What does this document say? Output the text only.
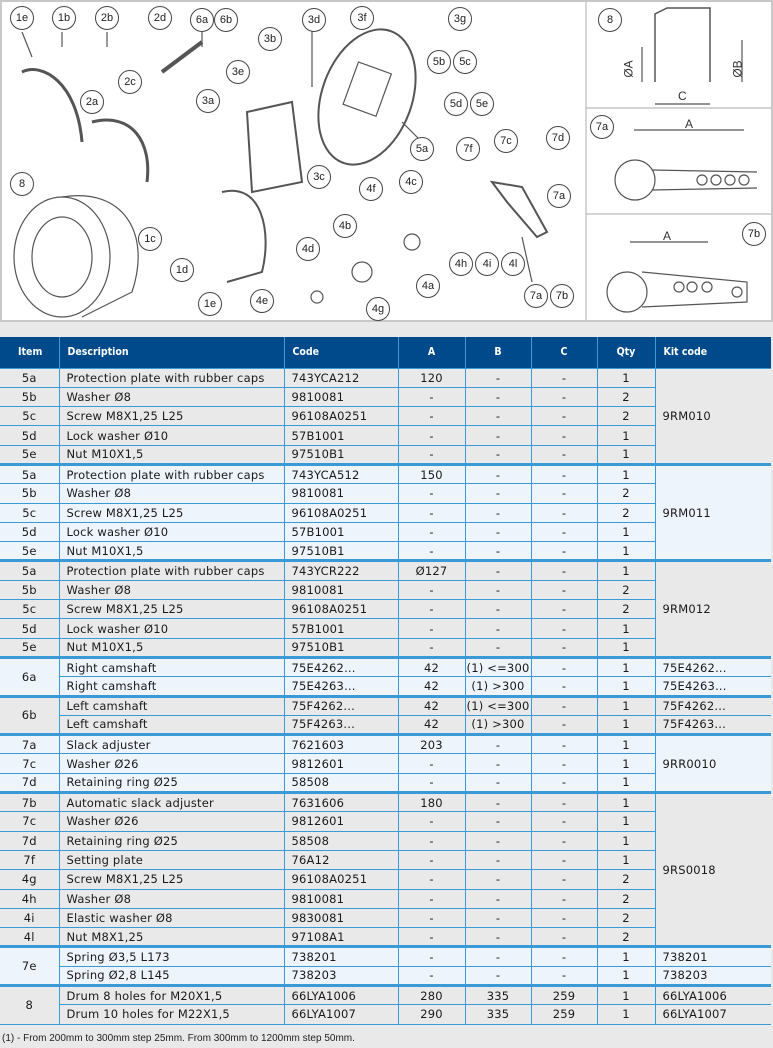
1e	1b	2b	2d	6a	6b	3d	3f	3g
3b
3e
2c
5b	5c
2a	3a	5d	5e
5a	7f
7c	7d
7a
3c
4f
4c
7a
8
1c
1d
4b
4d
4h	4i	4l
4e
4a
1e	4g
7a	7b
8
7b
ØA	ØB
C
A
A
Item	Description	Code	A	B	C	Qty	Kit code
5a	Protection plate with rubber caps	743YCA212	120	-	-	1	9RM010
5b	Washer Ø8	9810081	-	-	-	2	
5c	Screw M8X1,25 L25	96108A0251	-	-	-	2	
5d	Lock washer Ø10	57B1001	-	-	-	1	
5e	Nut M10X1,5	97510B1	-	-	-	1	
5a	Protection plate with rubber caps	743YCA512	150	-	-	1	9RM011
5b	Washer Ø8	9810081	-	-	-	2	
5c	Screw M8X1,25 L25	96108A0251	-	-	-	2	
5d	Lock washer Ø10	57B1001	-	-	-	1	
5e	Nut M10X1,5	97510B1	-	-	-	1	
5a	Protection plate with rubber caps	743YCR222	Ø127	-	-	1	9RM012
5b	Washer Ø8	9810081	-	-	-	2	
5c	Screw M8X1,25 L25	96108A0251	-	-	-	2	
5d	Lock washer Ø10	57B1001	-	-	-	1	
5e	Nut M10X1,5	97510B1	-	-	-	1	
6a	Right camshaft	75E4262...	42	(1) <=300	-	1	75E4262...
	Right camshaft	75E4263...	42	(1) >300	-	1	75E4263...
6b	Left camshaft	75F4262...	42	(1) <=300	-	1	75F4262...
	Left camshaft	75F4263...	42	(1) >300	-	1	75F4263...
7a	Slack adjuster	7621603	203	-	-	1	9RR0010
7c	Washer Ø26	9812601	-	-	-	1	
7d	Retaining ring Ø25	58508	-	-	-	1	
7b	Automatic slack adjuster	7631606	180	-	-	1	9RS0018
7c	Washer Ø26	9812601	-	-	-	1	
7d	Retaining ring Ø25	58508	-	-	-	1	
7f	Setting plate	76A12	-	-	-	1	
4g	Screw M8X1,25 L25	96108A0251	-	-	-	2	
4h	Washer Ø8	9810081	-	-	-	2	
4i	Elastic washer Ø8	9830081	-	-	-	2	
4l	Nut M8X1,25	97108A1	-	-	-	2	
7e	Spring Ø3,5 L173	738201	-	-	-	1	738201
	Spring Ø2,8 L145	738203	-	-	-	1	738203
8	Drum 8 holes for M20X1,5	66LYA1006	280	335	259	1	66LYA1006
	Drum 10 holes for M22X1,5	66LYA1007	290	335	259	1	66LYA1007
(1) - From 200mm to 300mm step 25mm. From 300mm to 1200mm step 50mm.
